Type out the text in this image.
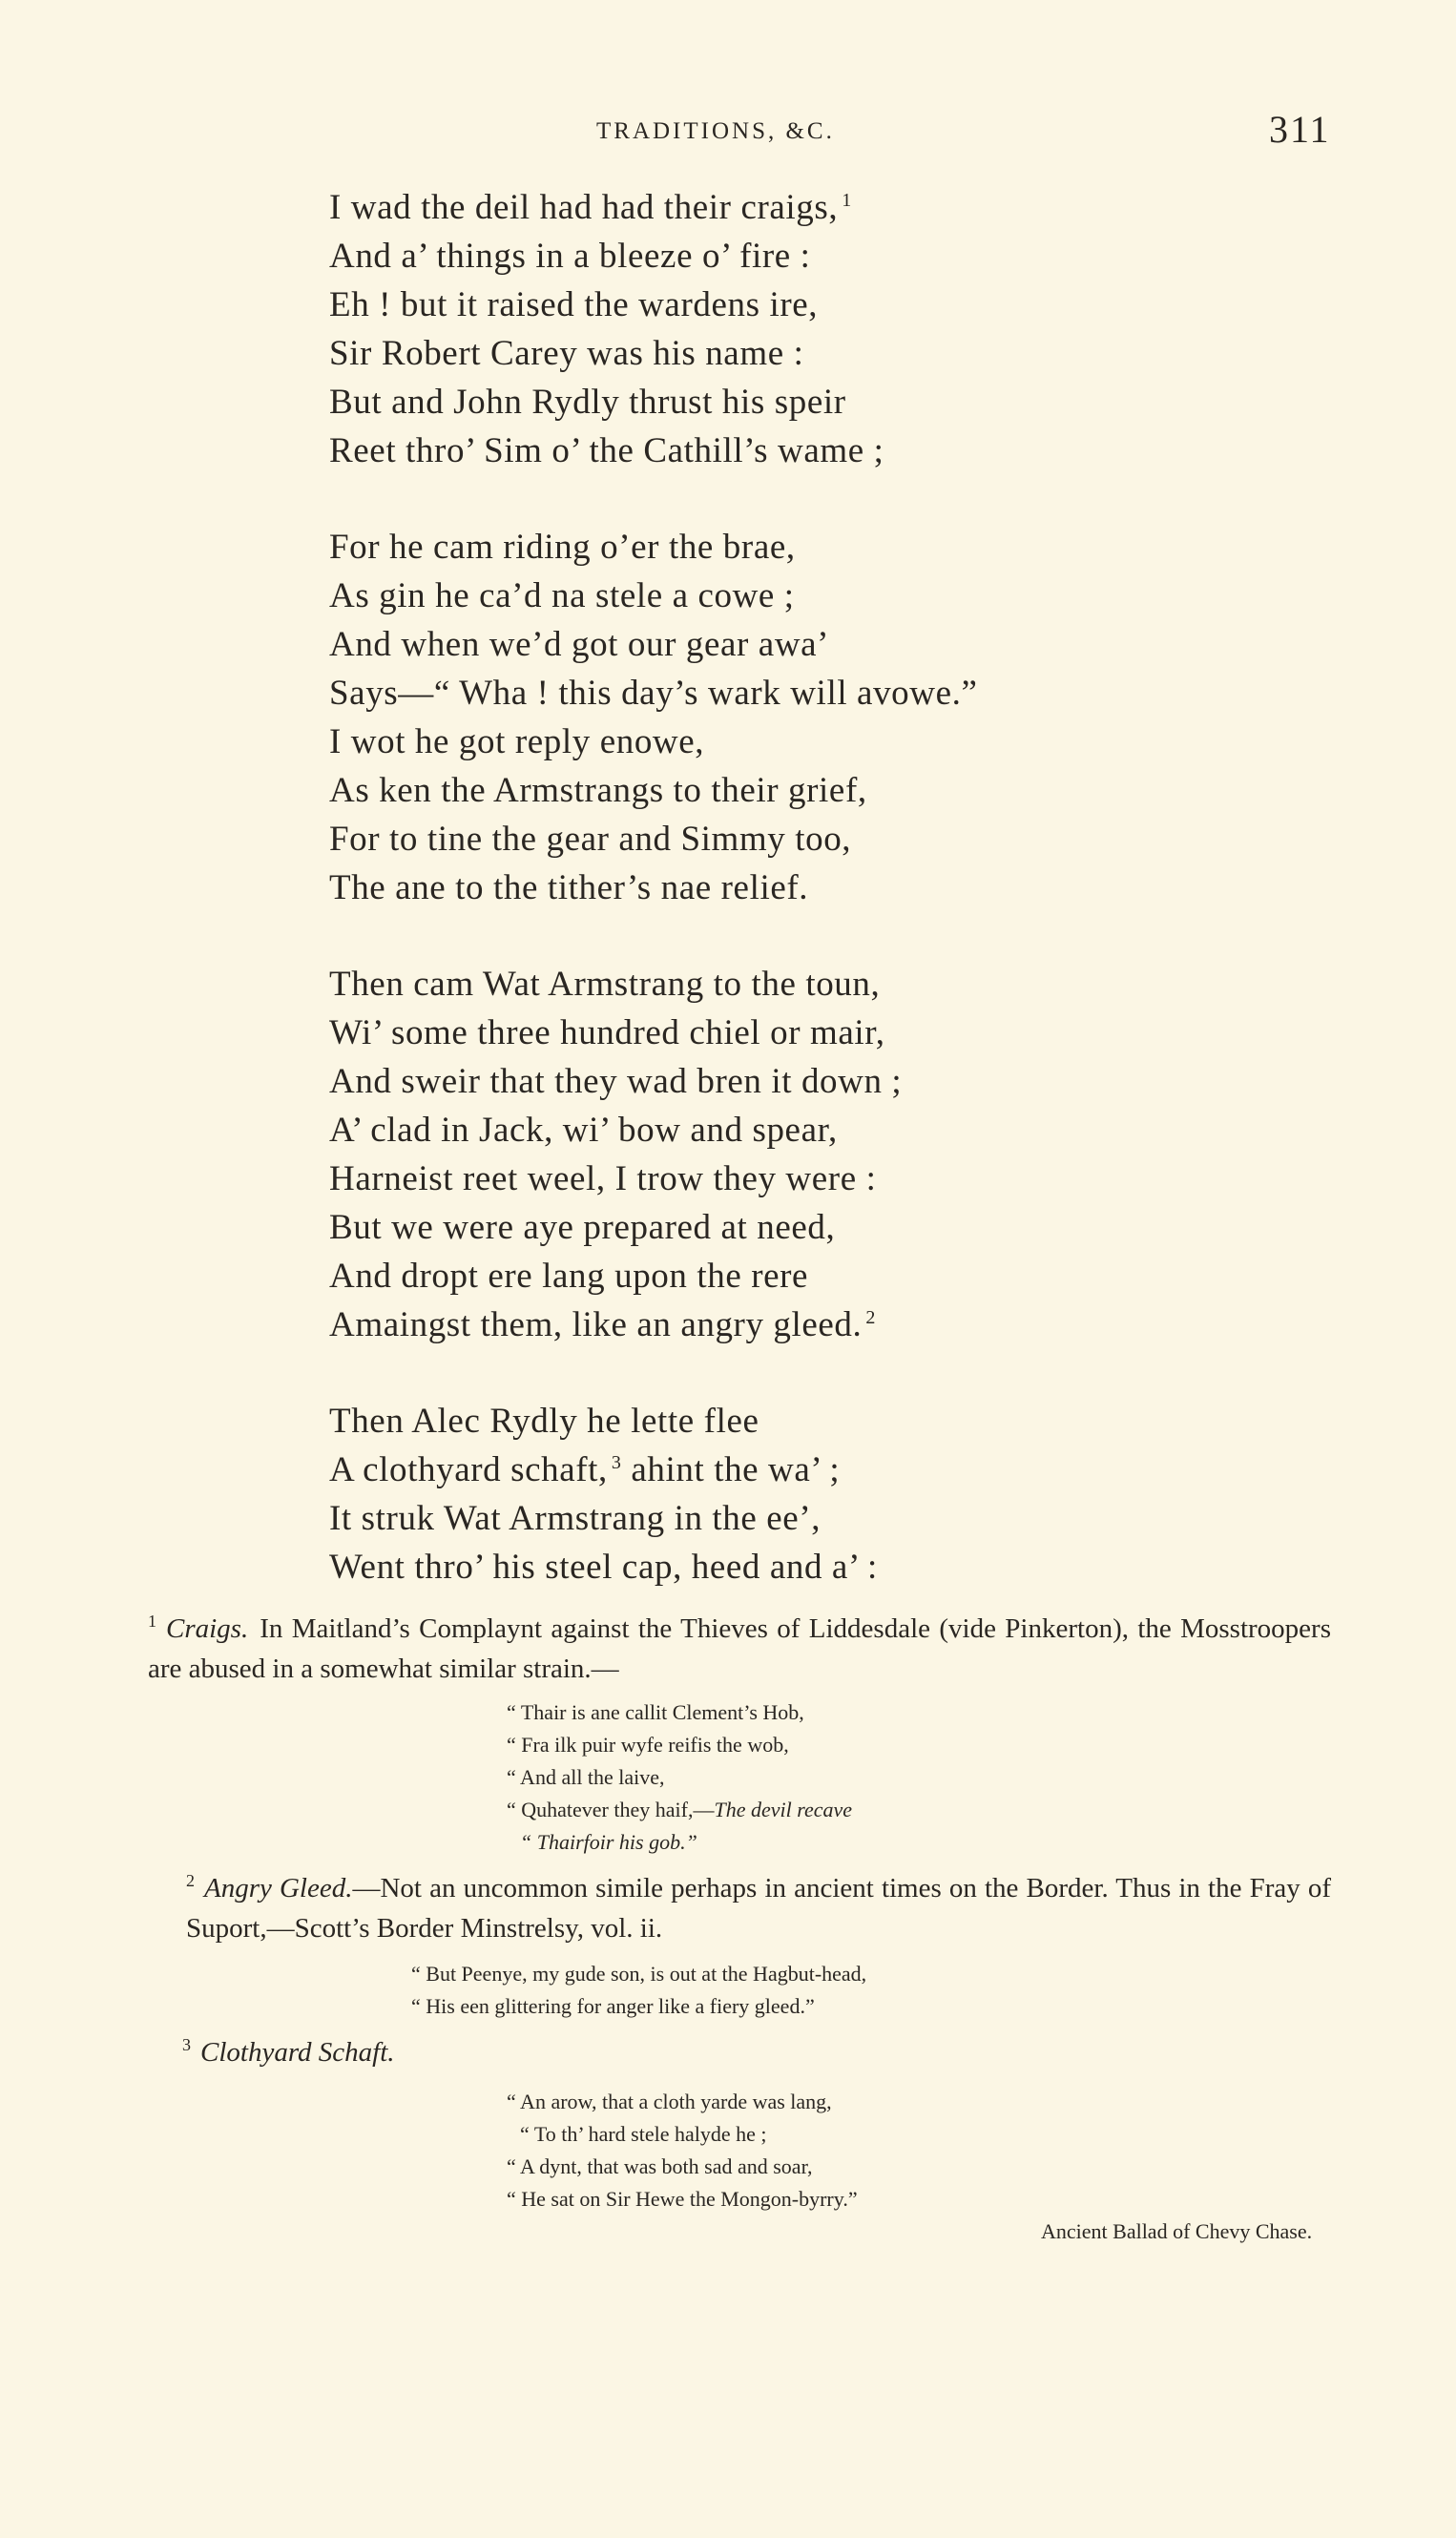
TRADITIONS, &C.	311
I wad the deil had had their craigs, $^1$
And a’ things in a bleeze o’ fire :
Eh ! but it raised the wardens ire,
Sir Robert Carey was his name :
But and John Rydly thrust his speir
Reet thro’ Sim o’ the Cathill’s wame ;
For he cam riding o’er the brae,
As gin he ca’d na stele a cowe ;
And when we’d got our gear awa’
Says—“ Wha ! this day’s wark will avowe.”
I wot he got reply enowe,
As ken the Armstrangs to their grief,
For to tine the gear and Simmy too,
The ane to the tither’s nae relief.
Then cam Wat Armstrang to the toun,
Wi’ some three hundred chiel or mair,
And sweir that they wad bren it down ;
A’ clad in Jack, wi’ bow and spear,
Harneist reet weel, I trow they were :
But we were aye prepared at need,
And dropt ere lang upon the rere
Amaingst them, like an angry gleed. $^2$
Then Alec Rydly he lette flee
A clothyard schaft, $^3$ ahint the wa’ ;
It struk Wat Armstrang in the ee’,
Went thro’ his steel cap, heed and a’ :
$^1$ Craigs. In Maitland’s Complaynt against the Thieves of Liddesdale (vide Pinkerton), the Mosstroopers are abused in a somewhat similar strain.—
“ Thair is ane callit Clement’s Hob,
“ Fra ilk puir wyfe reifis the wob,
“ And all the laive,
“ Quhatever they haif,—The devil recave
“ Thairfoir his gob.”
$^2$ Angry Gleed.—Not an uncommon simile perhaps in ancient times on the Border. Thus in the Fray of Suport,—Scott’s Border Minstrelsy, vol. ii.
“ But Peenye, my gude son, is out at the Hagbut-head,
“ His een glittering for anger like a fiery gleed.”
$^3$ Clothyard Schaft.
“ An arow, that a cloth yarde was lang,
“ To th’ hard stele halyde he ;
“ A dynt, that was both sad and soar,
“ He sat on Sir Hewe the Mongon-byrry.”
Ancient Ballad of Chevy Chase.
